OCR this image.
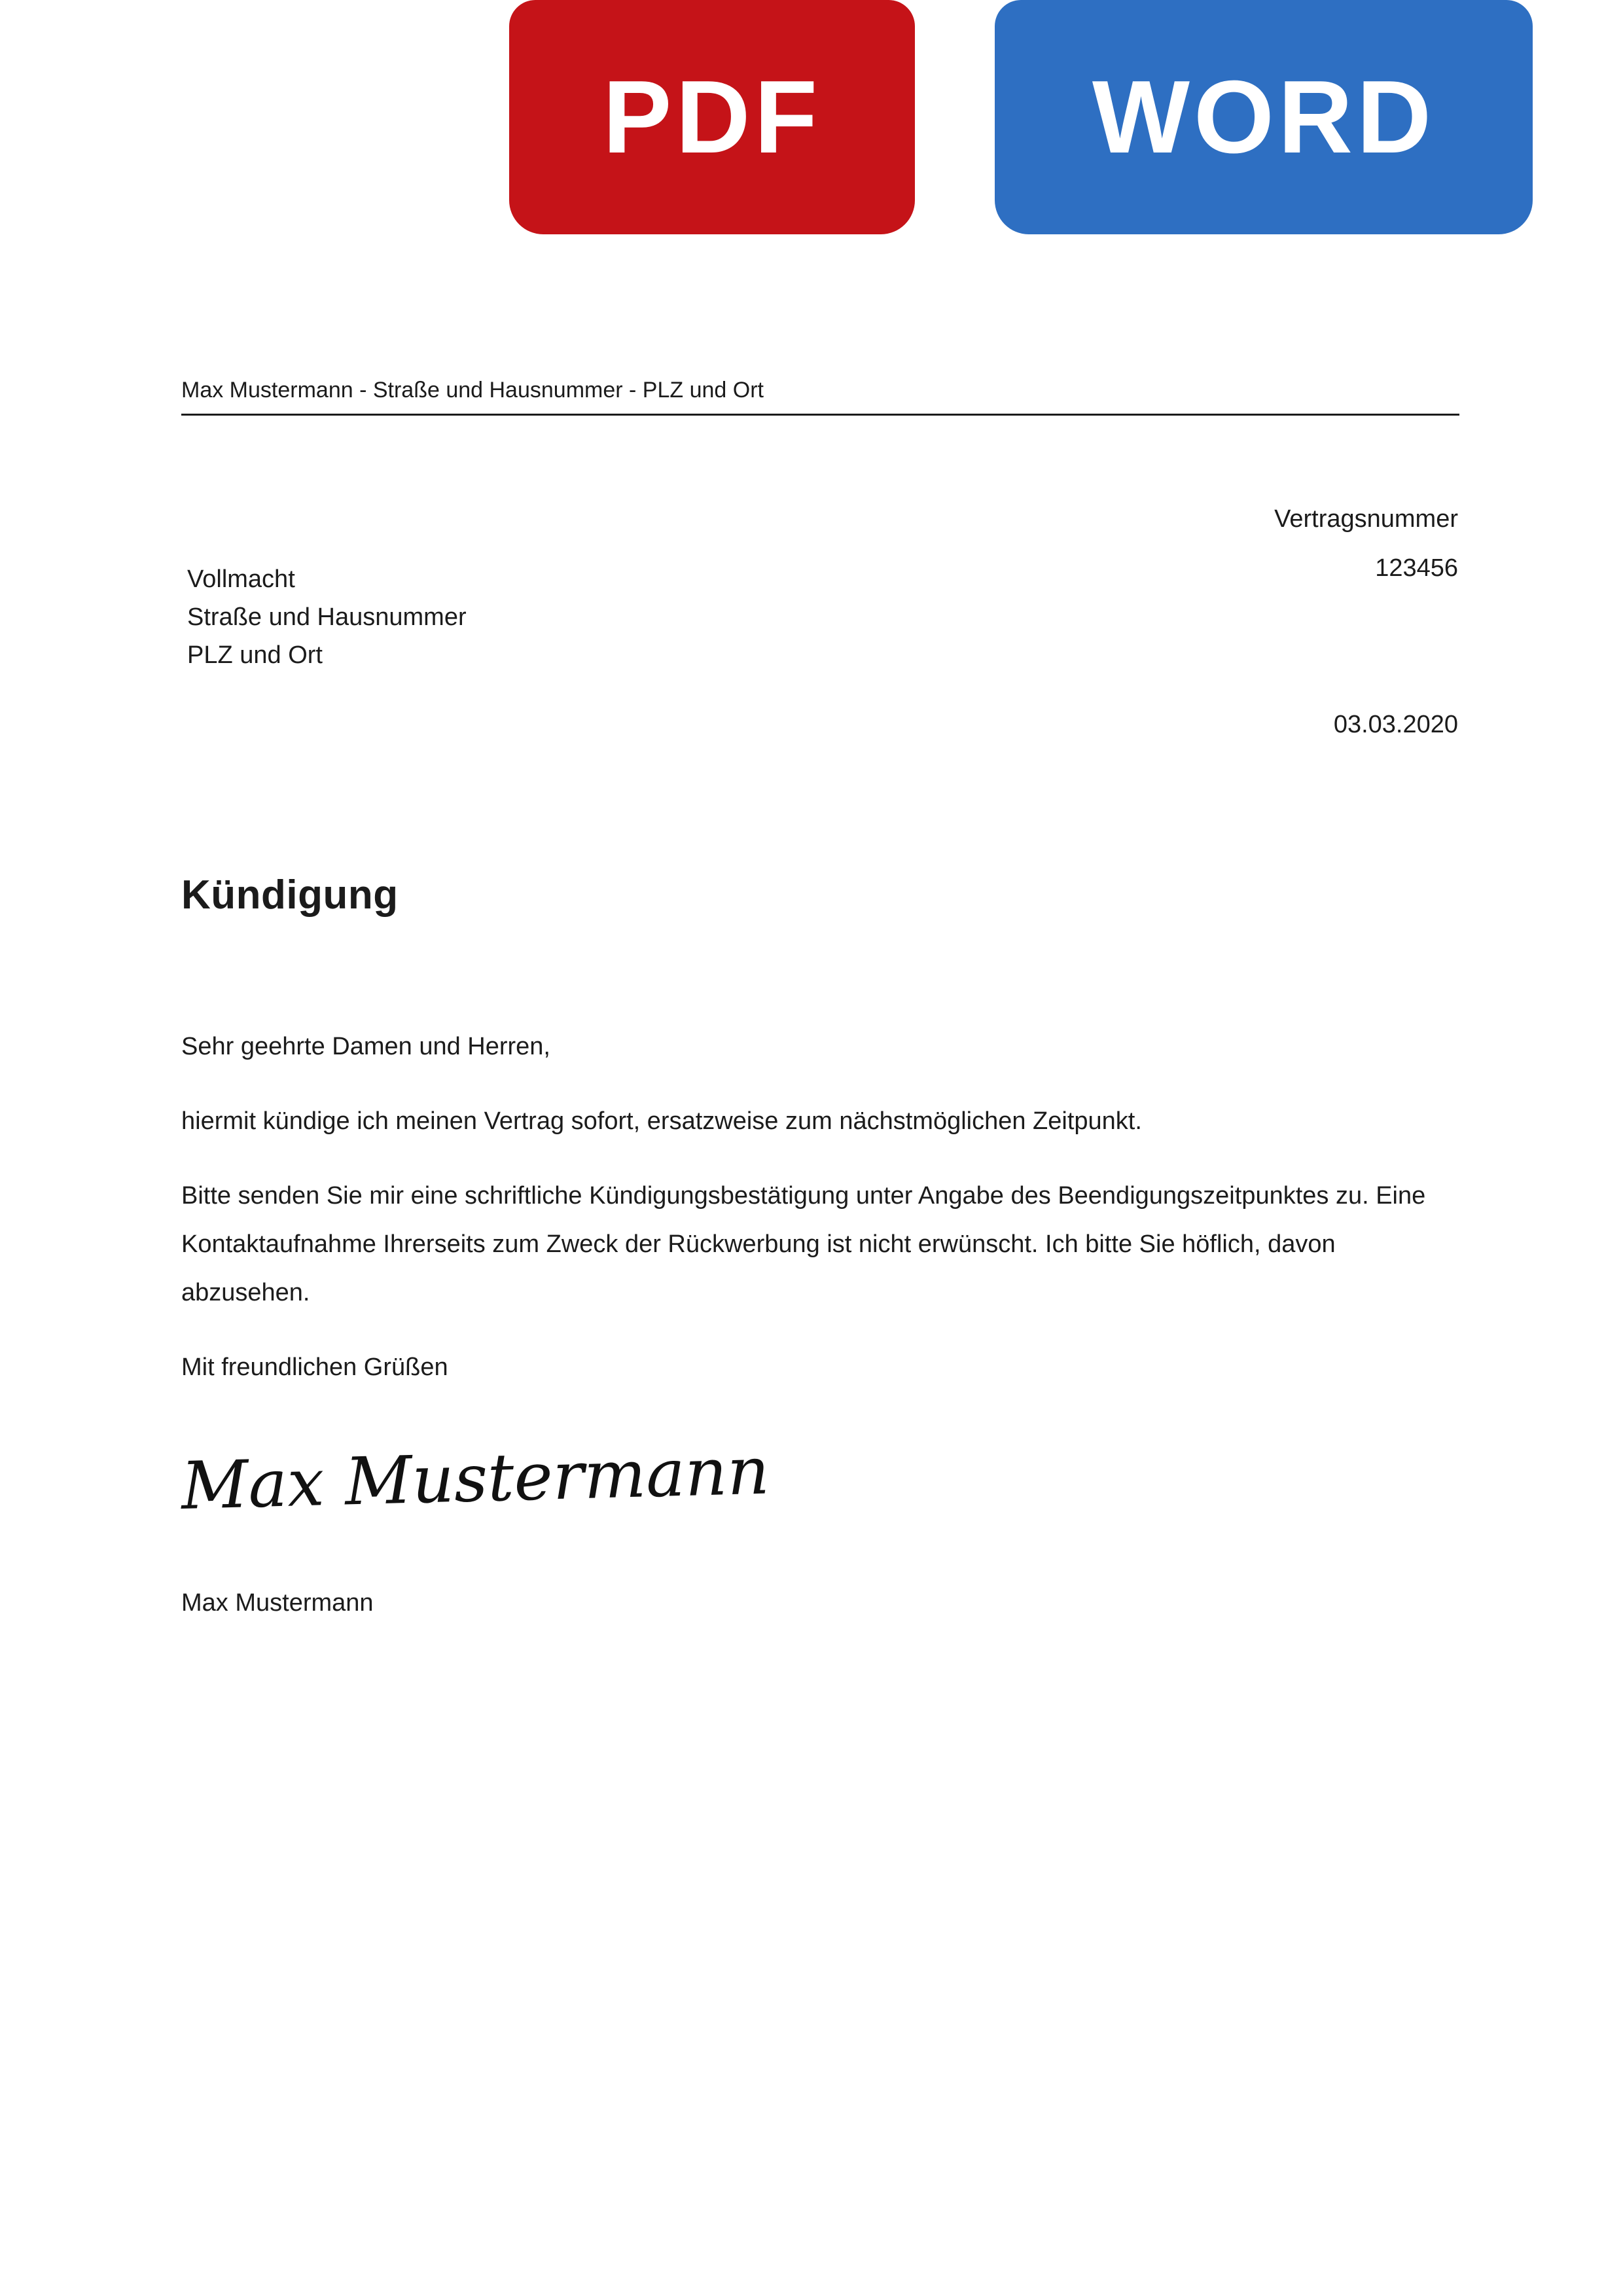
PDF	WORD
Max Mustermann - Straße und Hausnummer - PLZ und Ort
Vertragsnummer
123456
Vollmacht
Straße und Hausnummer
PLZ und Ort
03.03.2020
Kündigung

Sehr geehrte Damen und Herren,

hiermit kündige ich meinen Vertrag sofort, ersatzweise zum nächstmöglichen Zeitpunkt.

Bitte senden Sie mir eine schriftliche Kündigungsbestätigung unter Angabe des Beendigungszeitpunktes zu. Eine Kontaktaufnahme Ihrerseits zum Zweck der Rückwerbung ist nicht erwünscht. Ich bitte Sie höflich, davon abzusehen.

Mit freundlichen Grüßen

Max Mustermann
Max Mustermann
